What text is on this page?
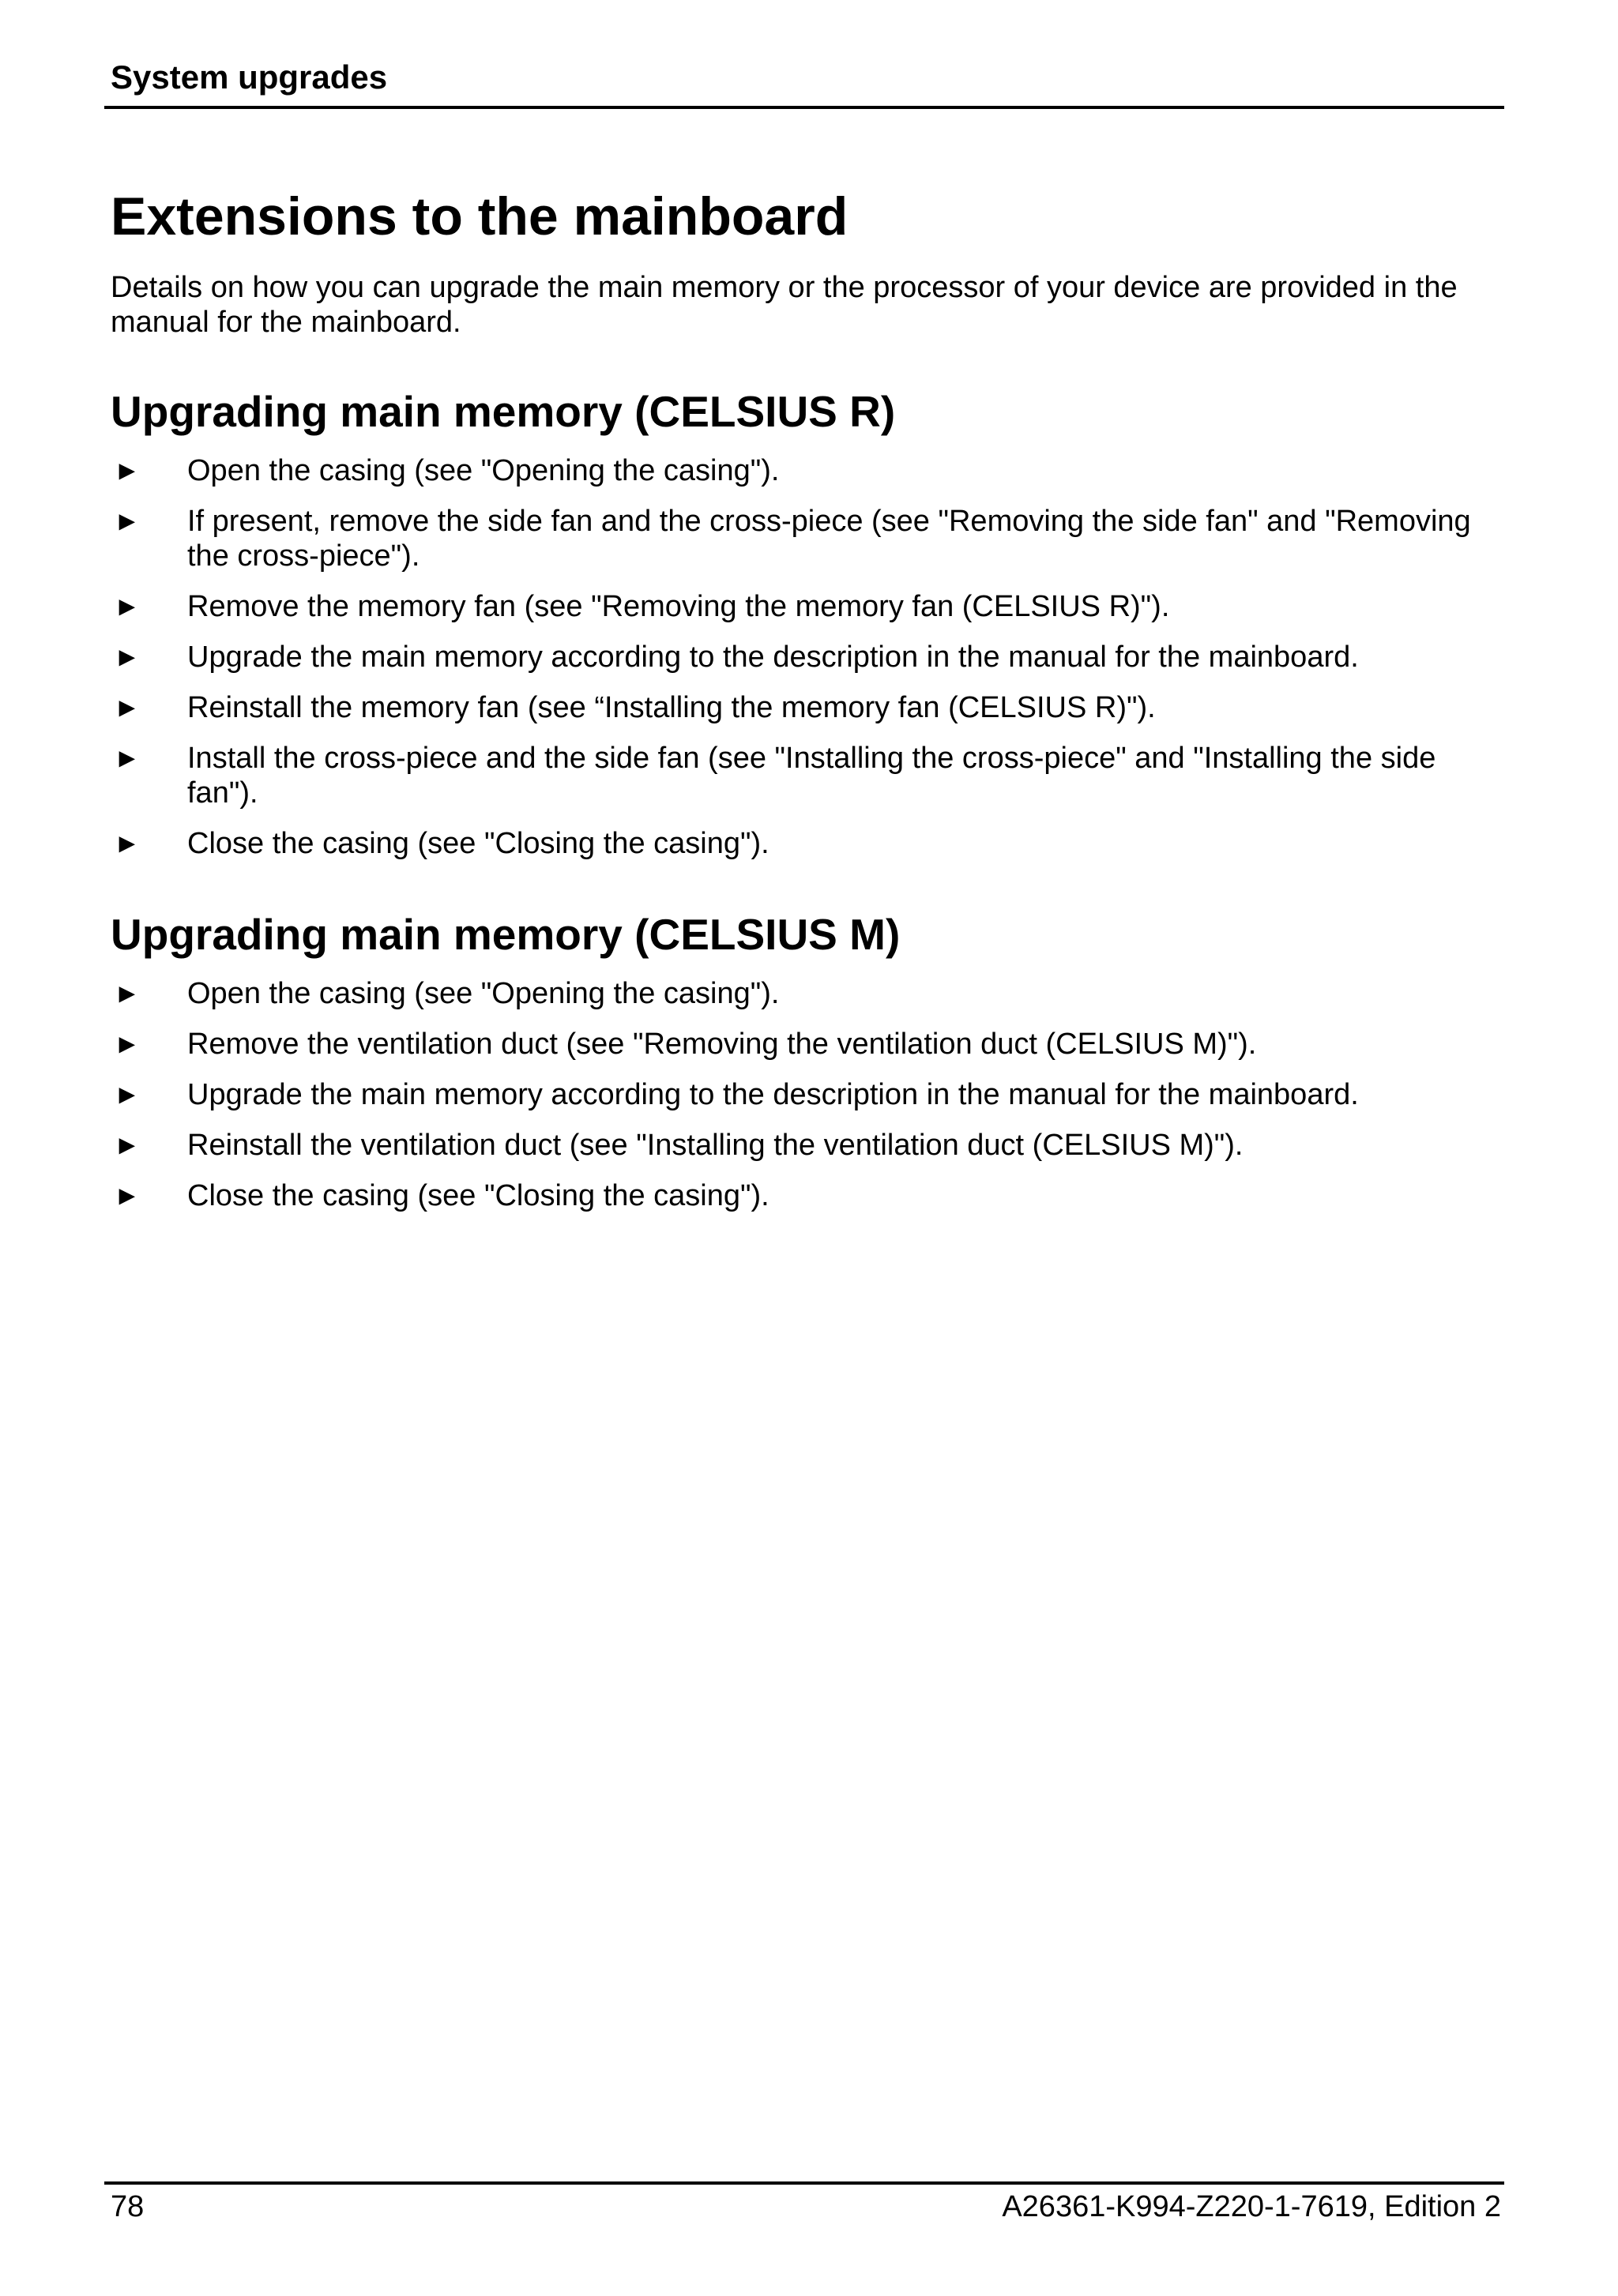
System upgrades
Extensions to the mainboard

Details on how you can upgrade the main memory or the processor of your device are provided in the manual for the mainboard.

Upgrading main memory (CELSIUS R)
► Open the casing (see "Opening the casing").
► If present, remove the side fan and the cross-piece (see "Removing the side fan" and "Removing the cross-piece").
► Remove the memory fan (see "Removing the memory fan (CELSIUS R)").
► Upgrade the main memory according to the description in the manual for the mainboard.
► Reinstall the memory fan (see “Installing the memory fan (CELSIUS R)").
► Install the cross-piece and the side fan (see "Installing the cross-piece" and "Installing the side fan").
► Close the casing (see "Closing the casing").
Upgrading main memory (CELSIUS M)
► Open the casing (see "Opening the casing").
► Remove the ventilation duct (see "Removing the ventilation duct (CELSIUS M)").
► Upgrade the main memory according to the description in the manual for the mainboard.
► Reinstall the ventilation duct (see "Installing the ventilation duct (CELSIUS M)").
► Close the casing (see "Closing the casing").
78	A26361-K994-Z220-1-7619, Edition 2
